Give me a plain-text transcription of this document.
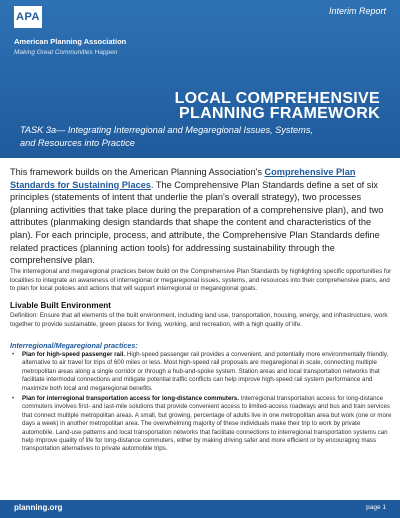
APA	Interim Report
American Planning Association
Making Great Communities Happen
LOCAL COMPREHENSIVE
PLANNING FRAMEWORK
TASK 3a— Integrating Interregional and Megaregional Issues, Systems,
and Resources into Practice
This framework builds on the American Planning Association's Comprehensive Plan Standards for Sustaining Places. The Comprehensive Plan Standards define a set of six principles (statements of intent that underlie the plan's overall strategy), two processes (planning activities that take place during the preparation of a comprehensive plan), and two attributes (planmaking design standards that shape the content and characteristics of the plan). For each principle, process, and attribute, the Comprehensive Plan Standards define related practices (planning action tools) for addressing sustainability through the comprehensive plan.
The interregional and megaregional practices below build on the Comprehensive Plan Standards by highlighting specific opportunities for localities to integrate an awareness of interregional or megaregional issues, systems, and resources into their comprehensive plans, and to plan for local policies and actions that will support interregional or megaregional goals.
Livable Built Environment
Definition: Ensure that all elements of the built environment, including land use, transportation, housing, energy, and infrastructure, work together to provide sustainable, green places for living, working, and recreation, with a high quality of life.
Interregional/Megaregional practices:
• Plan for high-speed passenger rail. High-speed passenger rail provides a convenient, and potentially more environmentally friendly, alternative to air travel for trips of 600 miles or less. Most high-speed rail proposals are megaregional in scale, connecting multiple metropolitan areas along a single corridor or through a hub-and-spoke system. Station areas and local transportation networks that facilitate intermodal connections and mitigate potential traffic conflicts can help improve high-speed rail system performance and maximize both local and megaregional benefits.
• Plan for interregional transportation access for long-distance commuters. Interregional transportation access for long-distance commuters involves first- and last-mile solutions that provide convenient access to limited-access roadways and bus and train services that connect multiple metropolitan areas. A small, but growing, percentage of adults live in one metropolitan area but work (one or more days a week) in another metropolitan area. The overwhelming majority of these individuals make their trip to work by private automobile. Land-use patterns and local transportation networks that facilitate connections to interregional transportation systems can help improve quality of life for long-distance commuters, either by making driving safer and more efficient or by encouraging mass transportation alternatives to private automobile trips.
planning.org	page 1
